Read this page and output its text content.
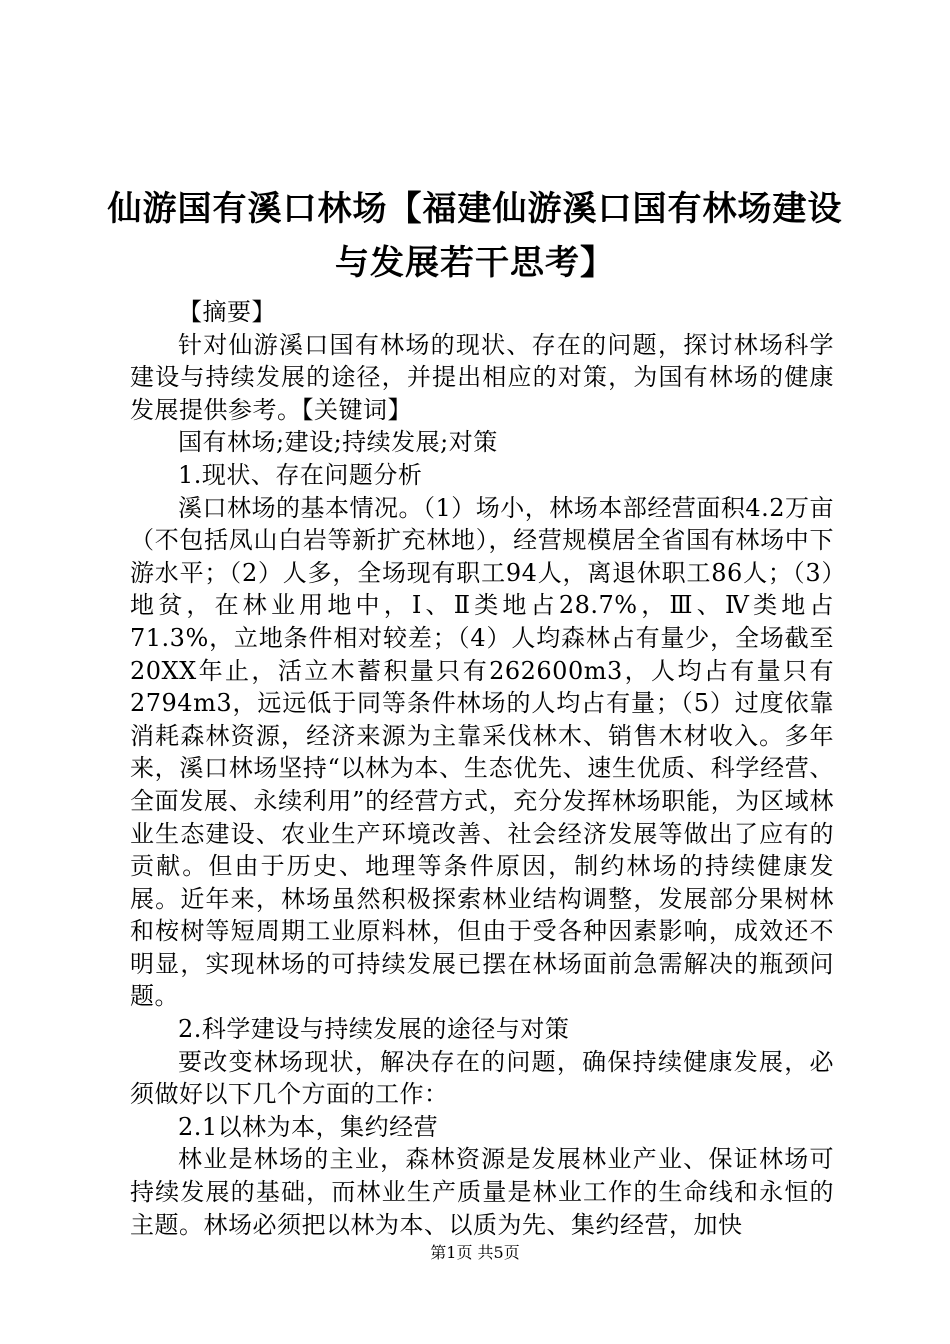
仙游国有溪口林场【福建仙游溪口国有林场建设与发展若干思考】

【摘要】

针对仙游溪口国有林场的现状、存在的问题，探讨林场科学建设与持续发展的途径，并提出相应的对策，为国有林场的健康发展提供参考。【关键词】

国有林场;建设;持续发展;对策

1.现状、存在问题分析

溪口林场的基本情况。（1）场小，林场本部经营面积4.2万亩（不包括凤山白岩等新扩充林地），经营规模居全省国有林场中下游水平；（2）人多，全场现有职工94人，离退休职工86人；（3）地贫，在林业用地中，Ⅰ、Ⅱ类地占28.7%，Ⅲ、Ⅳ类地占71.3%，立地条件相对较差；（4）人均森林占有量少，全场截至20XX年止，活立木蓄积量只有262600m3，人均占有量只有2794m3，远远低于同等条件林场的人均占有量；（5）过度依靠消耗森林资源，经济来源为主靠采伐林木、销售木材收入。多年来，溪口林场坚持“以林为本、生态优先、速生优质、科学经营、全面发展、永续利用”的经营方式，充分发挥林场职能，为区域林业生态建设、农业生产环境改善、社会经济发展等做出了应有的贡献。但由于历史、地理等条件原因，制约林场的持续健康发展。近年来，林场虽然积极探索林业结构调整，发展部分果树林和桉树等短周期工业原料林，但由于受各种因素影响，成效还不明显，实现林场的可持续发展已摆在林场面前急需解决的瓶颈问题。

2.科学建设与持续发展的途径与对策

要改变林场现状，解决存在的问题，确保持续健康发展，必须做好以下几个方面的工作：

2.1以林为本，集约经营

林业是林场的主业，森林资源是发展林业产业、保证林场可持续发展的基础，而林业生产质量是林业工作的生命线和永恒的主题。林场必须把以林为本、以质为先、集约经营，加快

第1页 共5页
